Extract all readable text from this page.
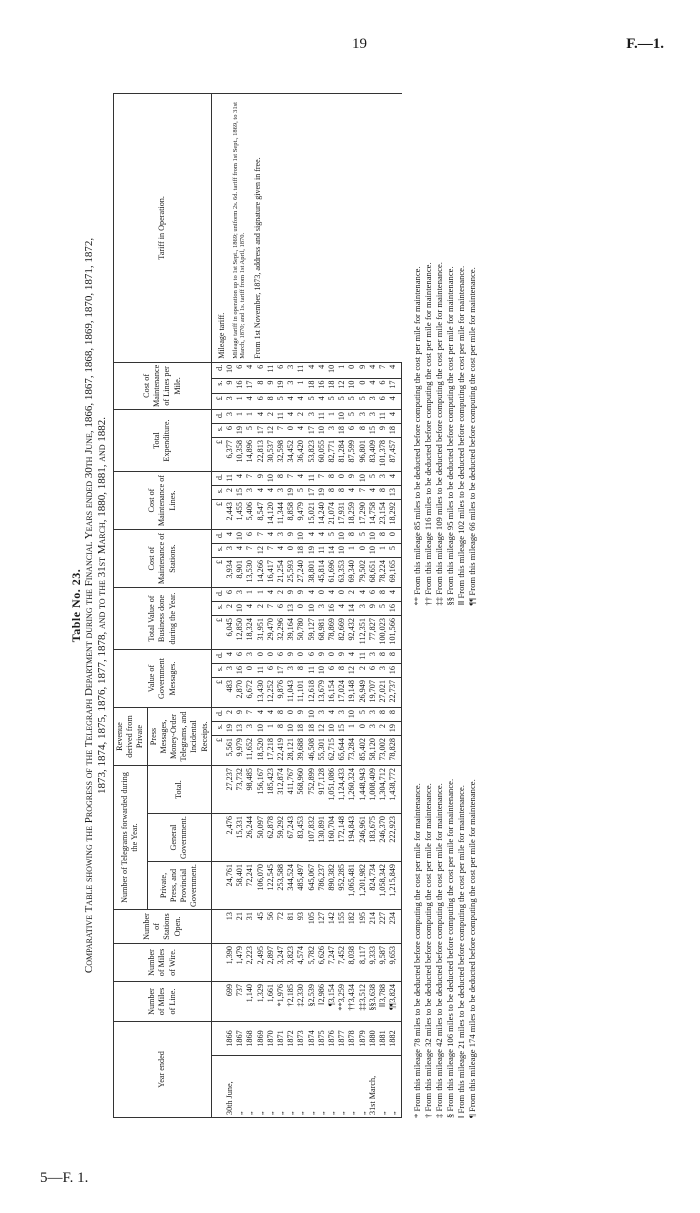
19	F.—1.
5—F. 1.
Table No. 23. Comparative Table showing the Progress of the Telegraph Department during the Financial Years ended 30th June, 1866, 1867, 1868, 1869, 1870, 1871, 1872, 1873, 1874, 1875, 1876, 1877, 1878, and to the 31st March, 1880, 1881, and 1882.
Year ended		Number of Miles of Line.	Number of Miles of Wire.	Number of Stations Open.	Number of Telegrams forwarded during the Year.			Revenue derived from Private			Value of Government Messages.			Total Value of Business done during the Year.			Cost of Maintenance of Stations.			Cost of Maintenance of Lines.			Total Expenditure.			Cost of Maintenance of Lines per Mile.			Tariff in Operation.
					Private, Press, and Provincial Government.	General Government.	Total.	Press Messages, Money-Order Telegrams, and Incidental Receipts.																					
								£	s.	d.	£	s.	d.	£	s.	d.	£	s.	d.	£	s.	d.	£	s.	d.	£	s.	d.	Mileage tariff. Mileage tariff in operation up to 1st Sept., 1869; uniform 2s. 6d. tariff from 1st Sept., 1869, to 31st March, 1870; and 1s. tariff from 1st April, 1870. From 1st November, 1873, address and signature given in free.

30th June,	1866	699	1,390	13	24,761	2,476	27,237	5,561	19	2	483	3	4	6,045	2	6	3,934	3	4	2,443	2	11	6,377	6	3	3	9	10	
„	1867	737	1,479	21	58,401	15,331	73,732	9,979	13	9	2,870	16	6	12,850	10	3	8,901	4	10	1,455	15	4	10,358	19	1	1	16	6	
„	1868	1,140	2,223	31	72,241	26,244	98,485	11,652	3	7	6,672	0	3	18,324	4	1	13,530	7	6	5,406	3	7	14,896	5	1	4	17	4	
„	1869	1,329	2,495	45	106,070	50,097	156,167	18,520	10	4	13,430	11	0	31,951	2	1	14,266	12	7	8,547	4	9	22,813	17	4	6	8	6	
„	1870	1,661	2,897	56	122,545	62,878	185,423	17,218	1	4	12,252	6	0	29,470	7	4	16,417	7	4	14,120	4	10	30,537	12	2	8	9	11	
„	1871	*1,976	3,247	72	253,588	59,292	312,874	22,419	8	8	9,876	17	6	32,296	6	2	21,254	4	3	11,344	3	8	32,598	7	11	5	19	6	
„	1872	†2,185	3,823	81	344,524	67,243	411,767	28,121	10	0	11,043	3	9	39,164	13	9	25,593	0	9	8,858	19	7	34,452	0	4	4	3	3	
„	1873	‡2,330	4,574	93	485,497	83,453	568,960	39,688	18	9	11,101	8	0	50,780	0	9	27,240	18	10	9,479	5	4	36,420	4	2	4	1	11	
„	1874	§2,539	5,782	105	645,067	107,832	752,899	46,508	18	10	12,618	11	6	59,127	10	4	38,801	19	4	15,021	17	11	53,823	17	3	5	18	4	
„	1875	‖2,986	6,626	127	786,237	130,891	917,128	55,301	12	3	13,679	10	9	68,981	3	0	45,814	11	4	14,240	19	7	60,055	10	11	4	16	4	
„	1876	¶3,154	7,247	142	890,382	160,704	1,051,086	62,715	10	4	16,154	6	0	78,869	16	4	61,696	14	5	21,074	8	8	82,771	3	1	5	18	10	
„	1877	**3,259	7,452	155	952,285	172,148	1,124,433	65,644	15	3	17,024	8	9	82,669	4	0	63,353	10	10	17,931	8	0	81,284	18	10	5	12	1	
„	1878	††3,434	8,038	182	1,065,481	194,843	1,260,324	73,284	1	10	19,148	12	4	92,432	14	2	69,340	1	8	18,259	4	9	87,599	6	5	5	10	0	
„	1879	‡‡3,512	8,117	195	1,201,982	246,961	1,448,943	85,402	0	5	26,949	2	11	112,351	3	4	79,502	0	5	17,290	7	10	96,801	8	3	5	0	9	
31st March,	1880	§§3,638	9,333	214	824,734	183,675	1,008,409	58,120	3	3	19,707	6	3	77,827	9	6	68,651	10	10	14,758	4	5	83,409	15	3	3	4	4	
„	1881	‖‖3,788	9,587	227	1,058,342	246,370	1,304,712	73,002	2	8	27,021	3	8	100,023	5	8	78,224	1	8	23,154	8	3	101,378	9	11	6	6	7	
„	1882	¶¶3,824	9,653	234	1,215,849	222,923	1,438,772	78,828	19	8	22,737	16	8	101,566	16	4	69,165	5	0	18,292	13	4	87,457	18	4	4	17	4	
* From this mileage 78 miles to be deducted before computing the cost per mile for maintenance. † From this mileage 32 miles to be deducted before computing the cost per mile for maintenance. ‡ From this mileage 42 miles to be deducted before computing the cost per mile for maintenance. § From this mileage 106 miles to be deducted before computing the cost per mile for maintenance. ‖ From this mileage 21 miles to be deducted before computing the cost per mile for maintenance. ¶ From this mileage 174 miles to be deducted before computing the cost per mile for maintenance.
** From this mileage 85 miles to be deducted before computing the cost per mile for maintenance. †† From this mileage 116 miles to be deducted before computing the cost per mile for maintenance. ‡‡ From this mileage 109 miles to be deducted before computing the cost per mile for maintenance. §§ From this mileage 95 miles to be deducted before computing the cost per mile for maintenance. ‖‖ From this mileage 102 miles to be deducted before computing the cost per mile for maintenance. ¶¶ From this mileage 66 miles to be deducted before computing the cost per mile for maintenance.
